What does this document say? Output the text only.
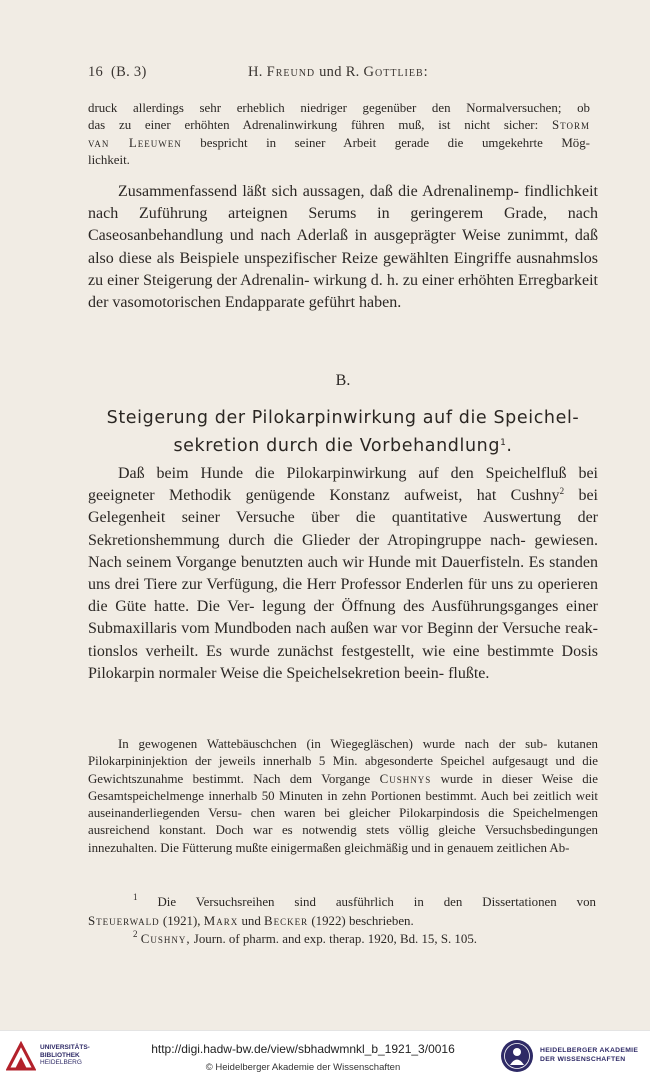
16 (B. 3)	H. Freund und R. Gottlieb:
druck allerdings sehr erheblich niedriger gegenüber den Normalversuchen; ob
das zu einer erhöhten Adrenalinwirkung führen muß, ist nicht sicher: Storm
van Leeuwen bespricht in seiner Arbeit gerade die umgekehrte Mög-
lichkeit.

Zusammenfassend läßt sich aussagen, daß die Adrenalinemp- findlichkeit nach Zuführung arteignen Serums in geringerem Grade, nach Caseosanbehandlung und nach Aderlaß in ausgeprägter Weise zunimmt, daß also diese als Beispiele unspezifischer Reize gewählten Eingriffe ausnahmslos zu einer Steigerung der Adrenalin- wirkung d. h. zu einer erhöhten Erregbarkeit der vasomotorischen Endapparate geführt haben.

B.
Steigerung der Pilokarpinwirkung auf die Speichel-
sekretion durch die Vorbehandlung$^1$.

Daß beim Hunde die Pilokarpinwirkung auf den Speichelfluß bei geeigneter Methodik genügende Konstanz aufweist, hat Cushny$^2$ bei Gelegenheit seiner Versuche über die quantitative Auswertung der Sekretionshemmung durch die Glieder der Atropingruppe nach- gewiesen. Nach seinem Vorgange benutzten auch wir Hunde mit Dauerfisteln. Es standen uns drei Tiere zur Verfügung, die Herr Professor Enderlen für uns zu operieren die Güte hatte. Die Ver- legung der Öffnung des Ausführungsganges einer Submaxillaris vom Mundboden nach außen war vor Beginn der Versuche reak- tionslos verheilt. Es wurde zunächst festgestellt, wie eine bestimmte Dosis Pilokarpin normaler Weise die Speichelsekretion beein- flußte.

In gewogenen Wattebäuschchen (in Wiegegläschen) wurde nach der sub- kutanen Pilokarpininjektion der jeweils innerhalb 5 Min. abgesonderte Speichel aufgesaugt und die Gewichtszunahme bestimmt. Nach dem Vorgange Cushnys wurde in dieser Weise die Gesamtspeichelmenge innerhalb 50 Minuten in zehn Portionen bestimmt. Auch bei zeitlich weit auseinanderliegenden Versu- chen waren bei gleicher Pilokarpindosis die Speichelmengen ausreichend konstant. Doch war es notwendig stets völlig gleiche Versuchsbedingungen innezuhalten. Die Fütterung mußte einigermaßen gleichmäßig und in genauem zeitlichen Ab-

$^1$ Die Versuchsreihen sind ausführlich in den Dissertationen von
Steuerwald (1921), Marx und Becker (1922) beschrieben.
$^2$ Cushny, Journ. of pharm. and exp. therap. 1920, Bd. 15, S. 105.
UNIVERSITÄTS-
BIBLIOTHEK
HEIDELBERG
http://digi.hadw-bw.de/view/sbhadwmnkl_b_1921_3/0016
© Heidelberger Akademie der Wissenschaften
HEIDELBERGER AKADEMIE
DER WISSENSCHAFTEN
